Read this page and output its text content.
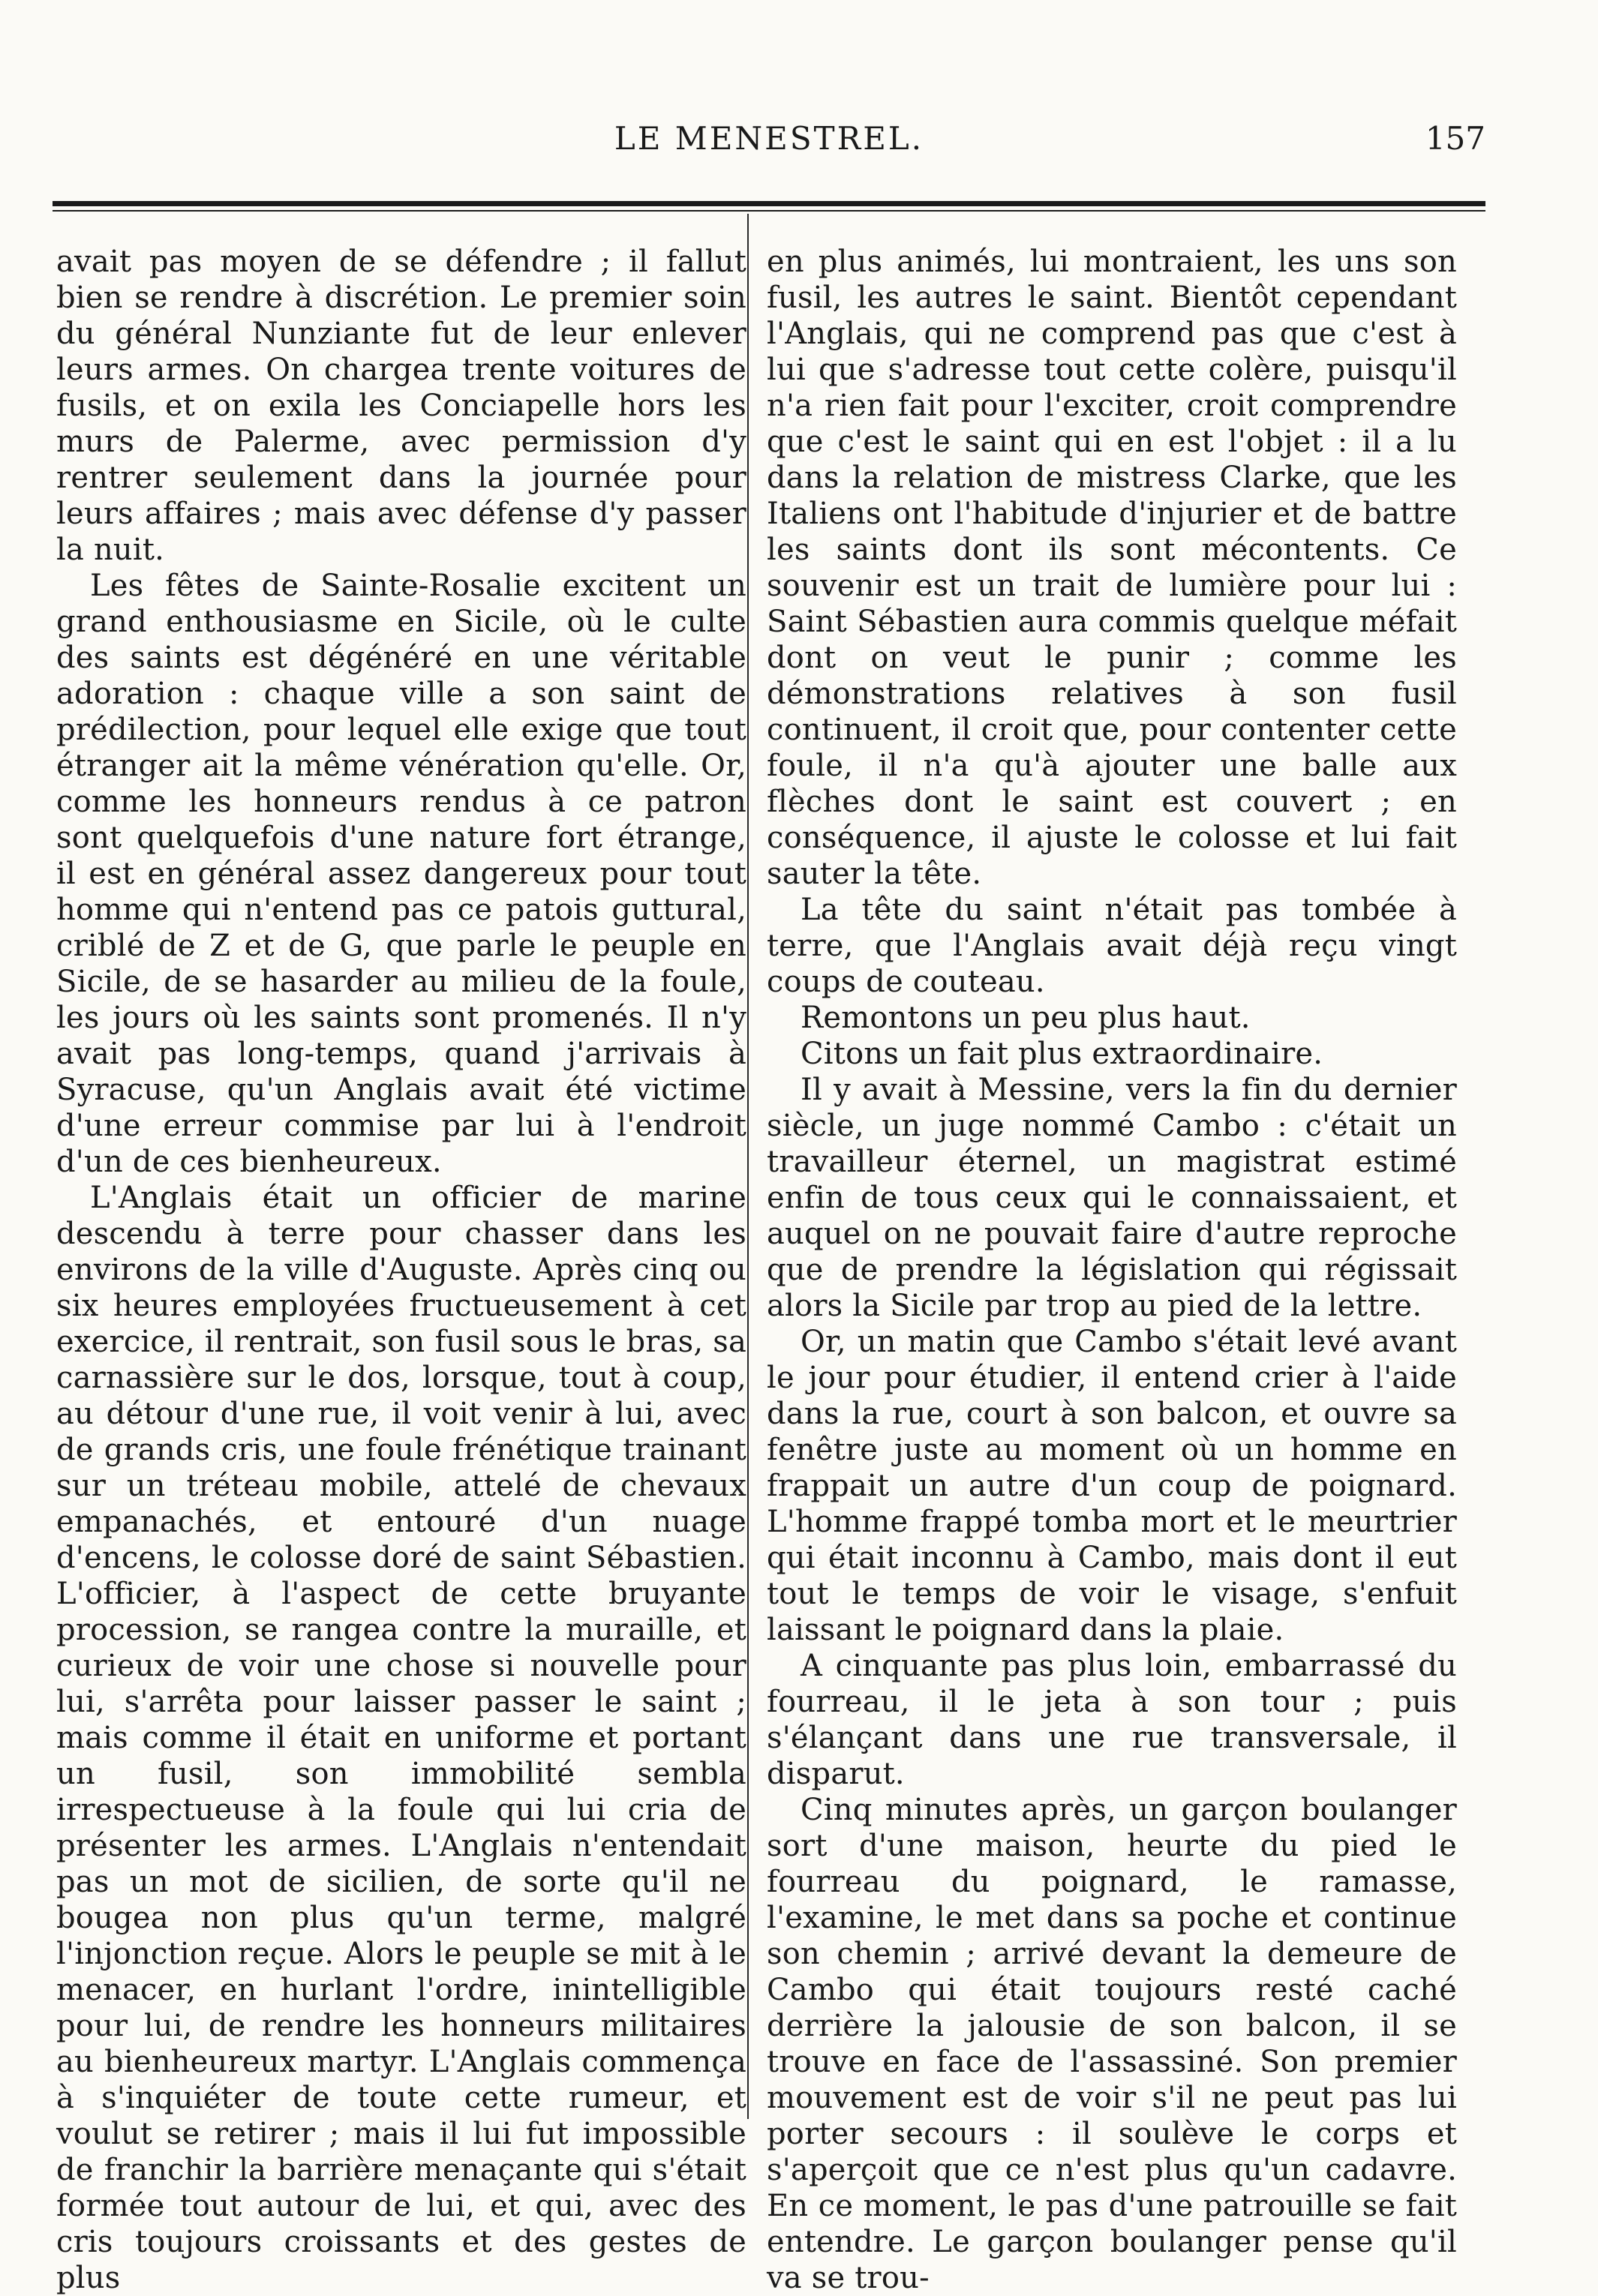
LE MENESTREL.	157

avait pas moyen de se défendre ; il fallut bien se rendre à discrétion. Le premier soin du général Nunziante fut de leur enlever leurs armes. On chargea trente voitures de fusils, et on exila les Conciapelle hors les murs de Palerme, avec permission d'y rentrer seulement dans la journée pour leurs affaires ; mais avec défense d'y passer la nuit.

Les fêtes de Sainte-Rosalie excitent un grand enthousiasme en Sicile, où le culte des saints est dégénéré en une véritable adoration : chaque ville a son saint de prédilection, pour lequel elle exige que tout étranger ait la même vénération qu'elle. Or, comme les honneurs rendus à ce patron sont quelquefois d'une nature fort étrange, il est en général assez dangereux pour tout homme qui n'entend pas ce patois guttural, criblé de Z et de G, que parle le peuple en Sicile, de se hasarder au milieu de la foule, les jours où les saints sont promenés. Il n'y avait pas long-temps, quand j'arrivais à Syracuse, qu'un Anglais avait été victime d'une erreur commise par lui à l'endroit d'un de ces bienheureux.

L'Anglais était un officier de marine descendu à terre pour chasser dans les environs de la ville d'Auguste. Après cinq ou six heures employées fructueusement à cet exercice, il rentrait, son fusil sous le bras, sa carnassière sur le dos, lorsque, tout à coup, au détour d'une rue, il voit venir à lui, avec de grands cris, une foule frénétique trainant sur un tréteau mobile, attelé de chevaux empanachés, et entouré d'un nuage d'encens, le colosse doré de saint Sébastien. L'officier, à l'aspect de cette bruyante procession, se rangea contre la muraille, et curieux de voir une chose si nouvelle pour lui, s'arrêta pour laisser passer le saint ; mais comme il était en uniforme et portant un fusil, son immobilité sembla irrespectueuse à la foule qui lui cria de présenter les armes. L'Anglais n'entendait pas un mot de sicilien, de sorte qu'il ne bougea non plus qu'un terme, malgré l'injonction reçue. Alors le peuple se mit à le menacer, en hurlant l'ordre, inintelligible pour lui, de rendre les honneurs militaires au bienheureux martyr. L'Anglais commença à s'inquiéter de toute cette rumeur, et voulut se retirer ; mais il lui fut impossible de franchir la barrière menaçante qui s'était formée tout autour de lui, et qui, avec des cris toujours croissants et des gestes de plus

en plus animés, lui montraient, les uns son fusil, les autres le saint. Bientôt cependant l'Anglais, qui ne comprend pas que c'est à lui que s'adresse tout cette colère, puisqu'il n'a rien fait pour l'exciter, croit comprendre que c'est le saint qui en est l'objet : il a lu dans la relation de mistress Clarke, que les Italiens ont l'habitude d'injurier et de battre les saints dont ils sont mécontents. Ce souvenir est un trait de lumière pour lui : Saint Sébastien aura commis quelque méfait dont on veut le punir ; comme les démonstrations relatives à son fusil continuent, il croit que, pour contenter cette foule, il n'a qu'à ajouter une balle aux flèches dont le saint est couvert ; en conséquence, il ajuste le colosse et lui fait sauter la tête.

La tête du saint n'était pas tombée à terre, que l'Anglais avait déjà reçu vingt coups de couteau.

Remontons un peu plus haut.

Citons un fait plus extraordinaire.

Il y avait à Messine, vers la fin du dernier siècle, un juge nommé Cambo : c'était un travailleur éternel, un magistrat estimé enfin de tous ceux qui le connaissaient, et auquel on ne pouvait faire d'autre reproche que de prendre la législation qui régissait alors la Sicile par trop au pied de la lettre.

Or, un matin que Cambo s'était levé avant le jour pour étudier, il entend crier à l'aide dans la rue, court à son balcon, et ouvre sa fenêtre juste au moment où un homme en frappait un autre d'un coup de poignard. L'homme frappé tomba mort et le meurtrier qui était inconnu à Cambo, mais dont il eut tout le temps de voir le visage, s'enfuit laissant le poignard dans la plaie.

A cinquante pas plus loin, embarrassé du fourreau, il le jeta à son tour ; puis s'élançant dans une rue transversale, il disparut.

Cinq minutes après, un garçon boulanger sort d'une maison, heurte du pied le fourreau du poignard, le ramasse, l'examine, le met dans sa poche et continue son chemin ; arrivé devant la demeure de Cambo qui était toujours resté caché derrière la jalousie de son balcon, il se trouve en face de l'assassiné. Son premier mouvement est de voir s'il ne peut pas lui porter secours : il soulève le corps et s'aperçoit que ce n'est plus qu'un cadavre. En ce moment, le pas d'une patrouille se fait entendre. Le garçon boulanger pense qu'il va se trou-
